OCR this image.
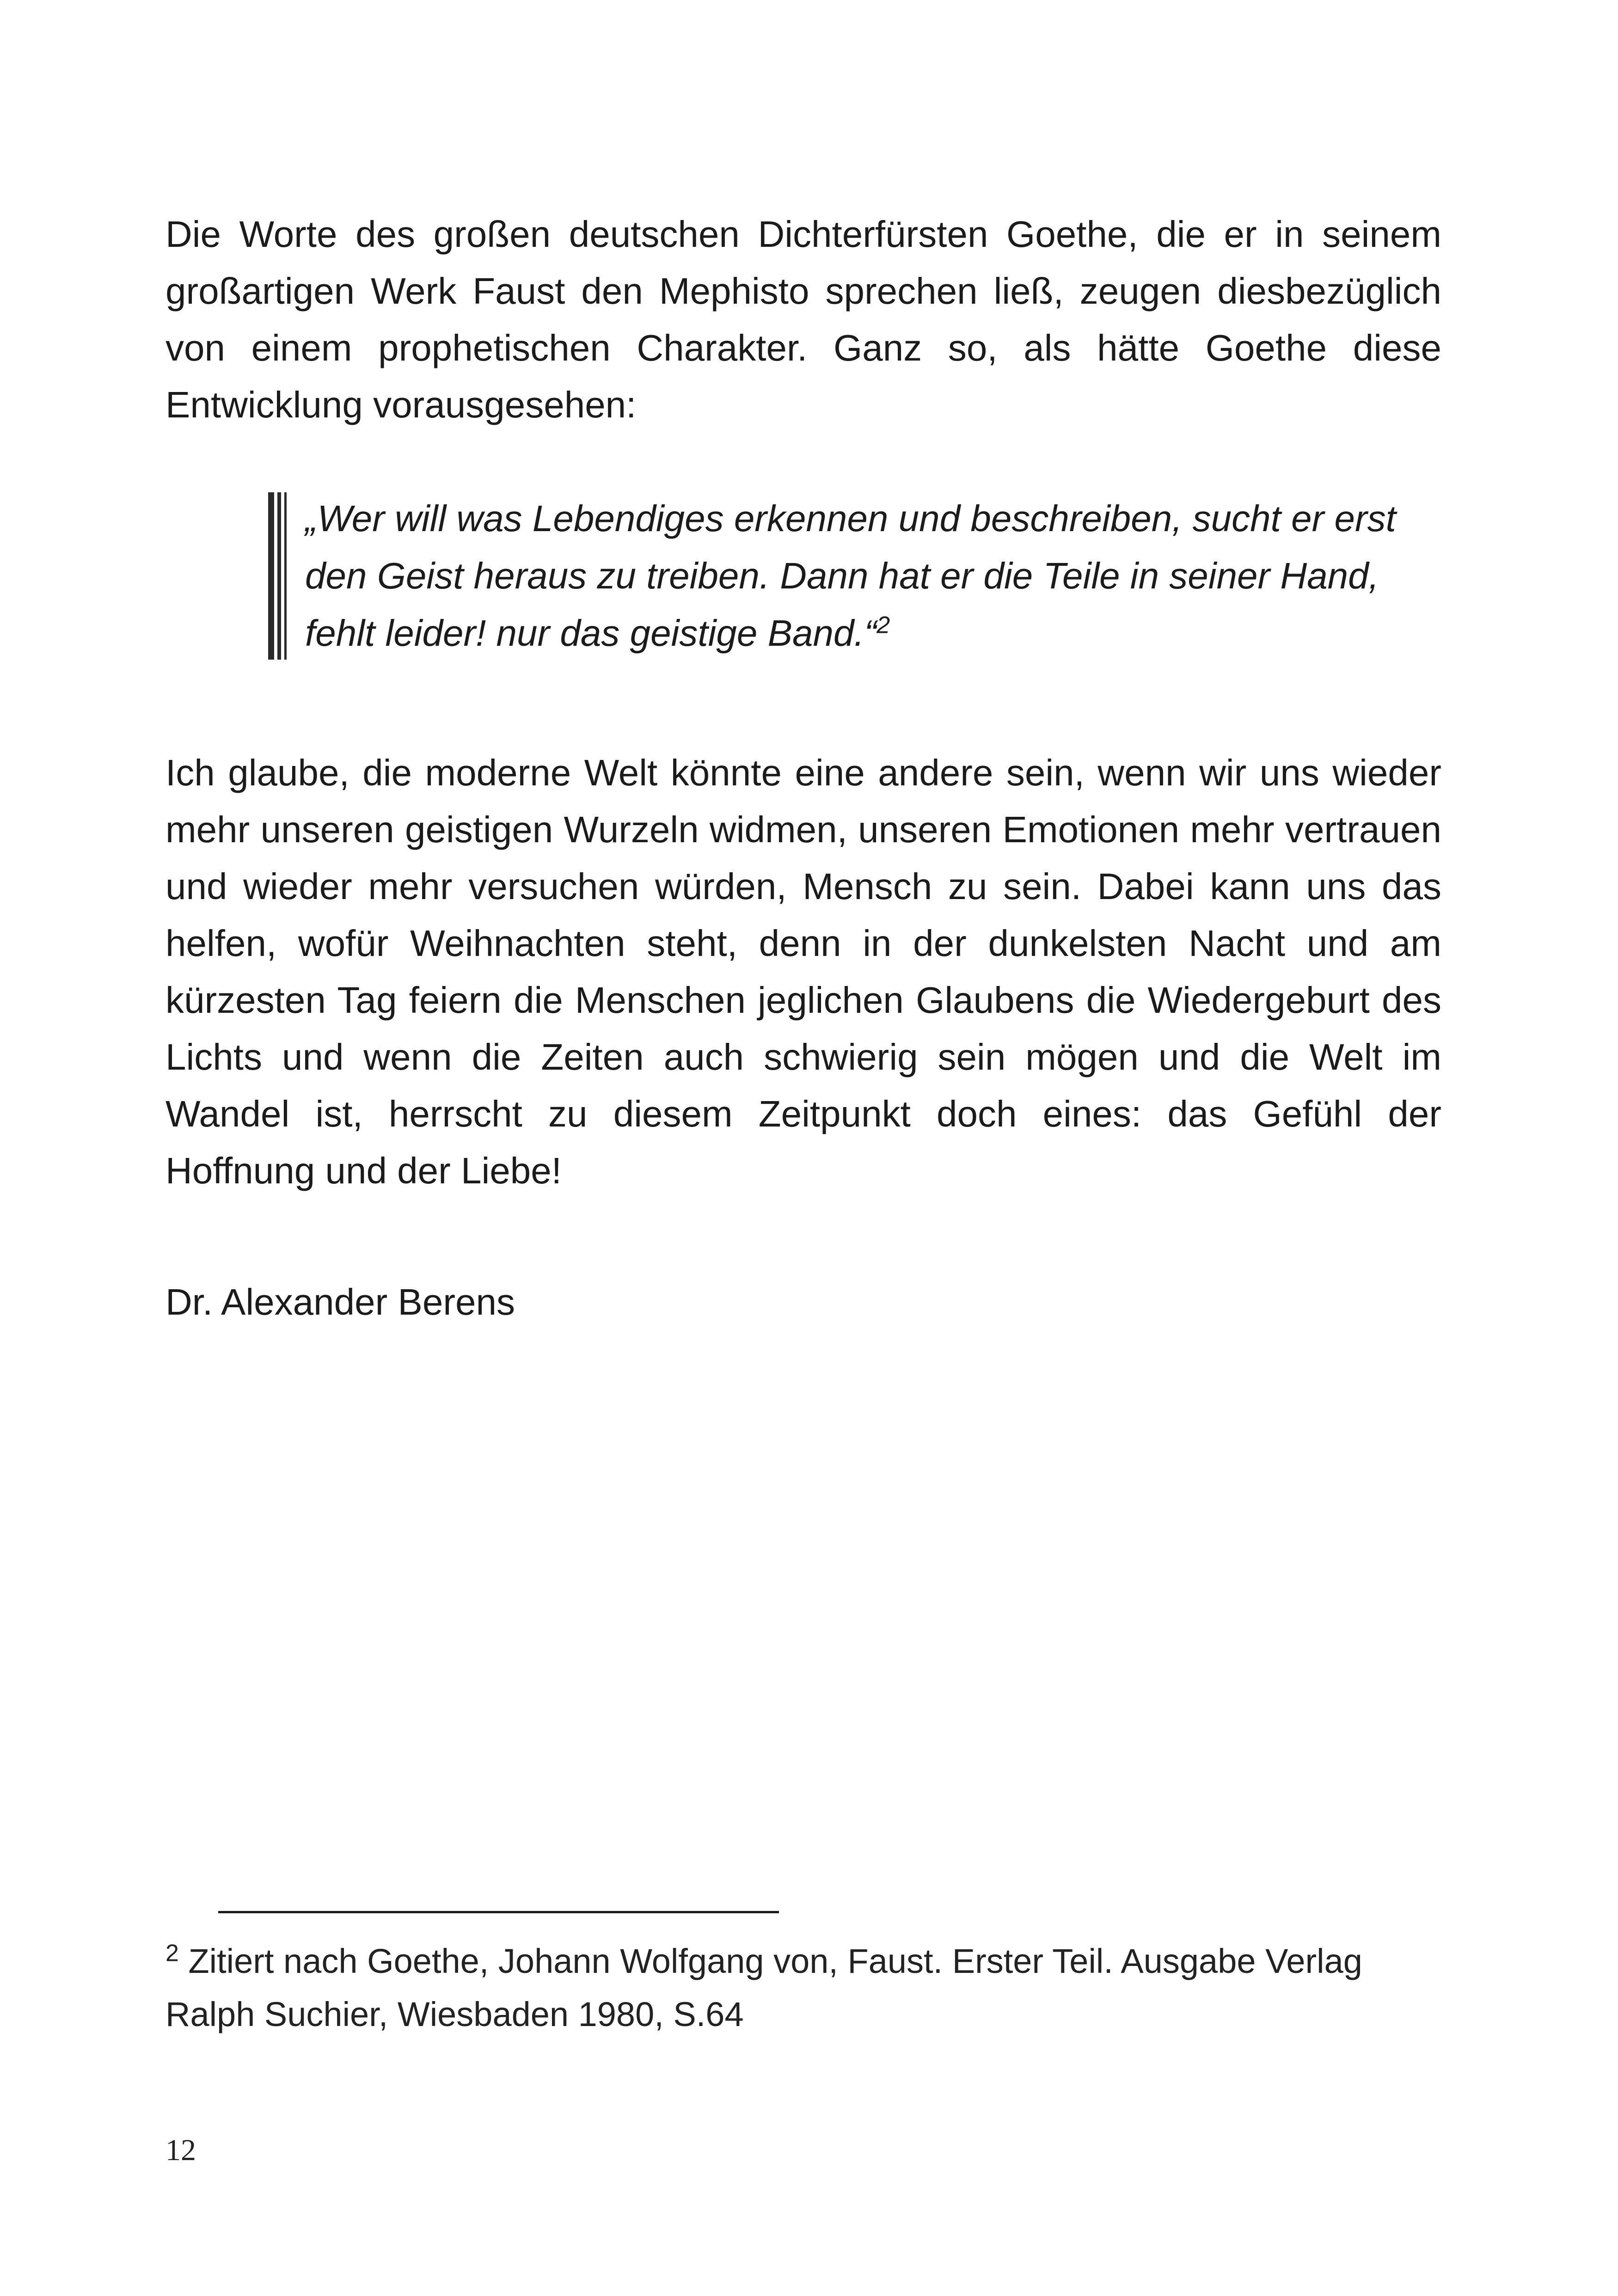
Die Worte des großen deutschen Dichterfürsten Goethe, die er in seinem großartigen Werk Faust den Mephisto sprechen ließ, zeugen diesbezüglich von einem prophetischen Charakter. Ganz so, als hätte Goethe diese Entwicklung vorausgesehen:

„Wer will was Lebendiges erkennen und beschreiben, sucht er erst den Geist heraus zu treiben. Dann hat er die Teile in seiner Hand, fehlt leider! nur das geistige Band.“$^2$

Ich glaube, die moderne Welt könnte eine andere sein, wenn wir uns wieder mehr unseren geistigen Wurzeln widmen, unseren Emotionen mehr vertrauen und wieder mehr versuchen würden, Mensch zu sein. Dabei kann uns das helfen, wofür Weihnachten steht, denn in der dunkelsten Nacht und am kürzesten Tag feiern die Menschen jeglichen Glaubens die Wiedergeburt des Lichts und wenn die Zeiten auch schwierig sein mögen und die Welt im Wandel ist, herrscht zu diesem Zeitpunkt doch eines: das Gefühl der Hoffnung und der Liebe!

Dr. Alexander Berens

$^2$ Zitiert nach Goethe, Johann Wolfgang von, Faust. Erster Teil. Ausgabe Verlag Ralph Suchier, Wiesbaden 1980, S.64

12
